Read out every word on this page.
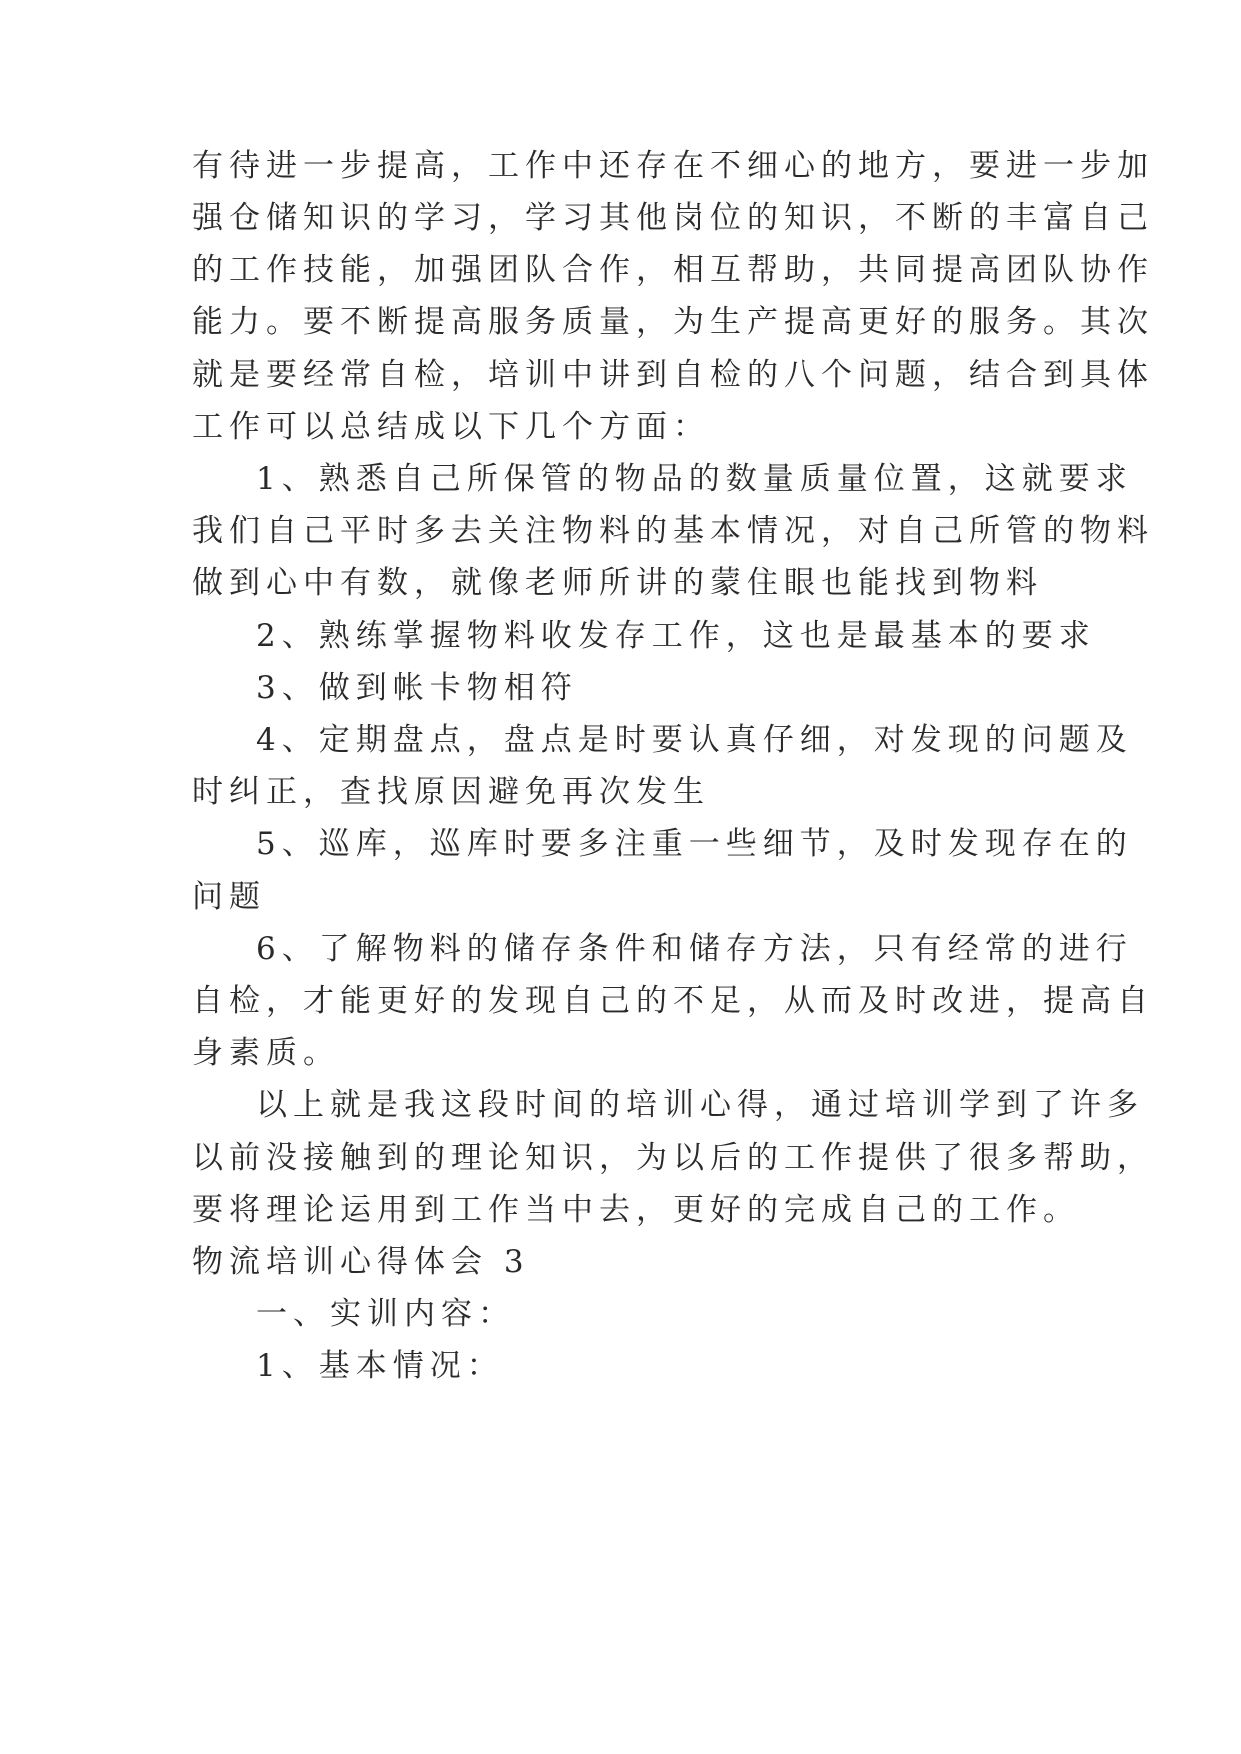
有待进一步提高，工作中还存在不细心的地方，要进一步加
强仓储知识的学习，学习其他岗位的知识，不断的丰富自己
的工作技能，加强团队合作，相互帮助，共同提高团队协作
能力。要不断提高服务质量，为生产提高更好的服务。其次
就是要经常自检，培训中讲到自检的八个问题，结合到具体
工作可以总结成以下几个方面：
1、熟悉自己所保管的物品的数量质量位置，这就要求
我们自己平时多去关注物料的基本情况，对自己所管的物料
做到心中有数，就像老师所讲的蒙住眼也能找到物料
2、熟练掌握物料收发存工作，这也是最基本的要求
3、做到帐卡物相符
4、定期盘点，盘点是时要认真仔细，对发现的问题及
时纠正，查找原因避免再次发生
5、巡库，巡库时要多注重一些细节，及时发现存在的
问题
6、了解物料的储存条件和储存方法，只有经常的进行
自检，才能更好的发现自己的不足，从而及时改进，提高自
身素质。
以上就是我这段时间的培训心得，通过培训学到了许多
以前没接触到的理论知识，为以后的工作提供了很多帮助，
要将理论运用到工作当中去，更好的完成自己的工作。
物流培训心得体会 3
一、实训内容：
1、基本情况：
